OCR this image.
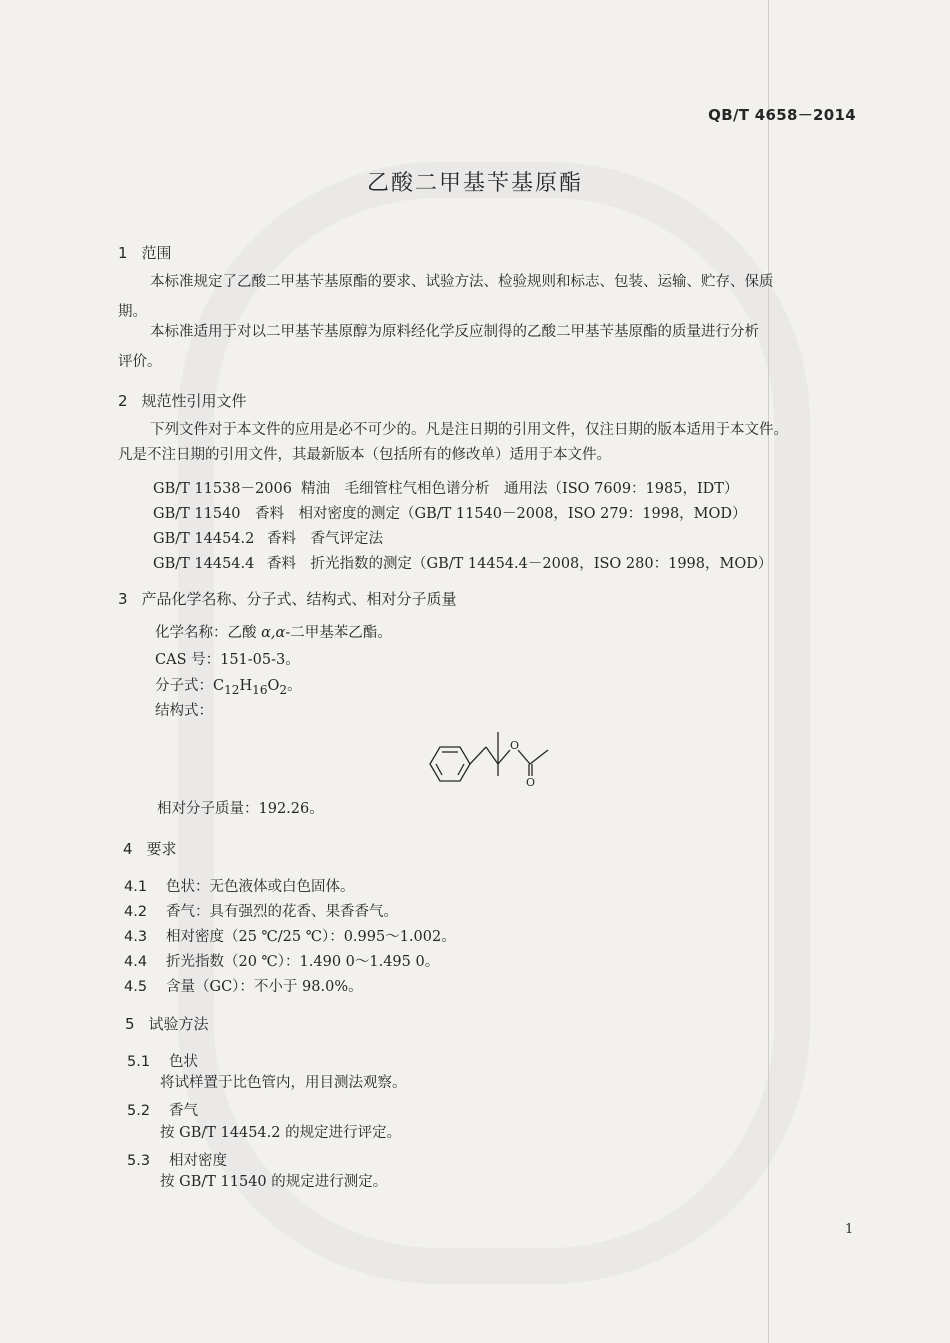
QB/T 4658－2014
乙酸二甲基苄基原酯
1 范围
本标准规定了乙酸二甲基苄基原酯的要求、试验方法、检验规则和标志、包装、运输、贮存、保质
期。
本标准适用于对以二甲基苄基原醇为原料经化学反应制得的乙酸二甲基苄基原酯的质量进行分析
评价。
2 规范性引用文件
下列文件对于本文件的应用是必不可少的。凡是注日期的引用文件，仅注日期的版本适用于本文件。
凡是不注日期的引用文件，其最新版本（包括所有的修改单）适用于本文件。
GB/T 11538－2006 精油　毛细管柱气相色谱分析　通用法（ISO 7609：1985，IDT）
GB/T 11540 香料　相对密度的测定（GB/T 11540－2008，ISO 279：1998，MOD）
GB/T 14454.2 香料　香气评定法
GB/T 14454.4 香料　折光指数的测定（GB/T 14454.4－2008，ISO 280：1998，MOD）
3 产品化学名称、分子式、结构式、相对分子质量
化学名称：乙酸 α,α-二甲基苯乙酯。
CAS 号：151-05-3。
分子式：$C_{12}H_{16}O_2$。
结构式：
O
O
相对分子质量：192.26。
4 要求
4.1 色状：无色液体或白色固体。
4.2 香气：具有强烈的花香、果香香气。
4.3 相对密度（25 ℃/25 ℃）：0.995～1.002。
4.4 折光指数（20 ℃）：1.490 0～1.495 0。
4.5 含量（GC）：不小于 98.0%。
5 试验方法
5.1 色状
将试样置于比色管内，用目测法观察。
5.2 香气
按 GB/T 14454.2 的规定进行评定。
5.3 相对密度
按 GB/T 11540 的规定进行测定。
1
